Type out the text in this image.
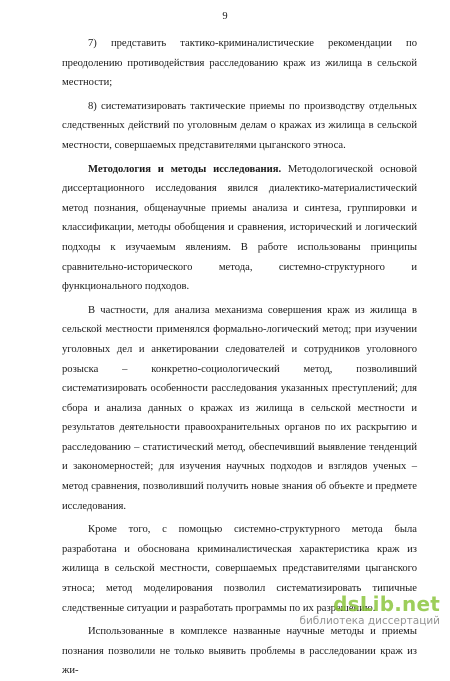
9

7) представить тактико-криминалистические рекомендации по преодолению противодействия расследованию краж из жилища в сельской местности;

8) систематизировать тактические приемы по производству отдельных следственных действий по уголовным делам о кражах из жилища в сельской местности, совершаемых представителями цыганского этноса.

Методология и методы исследования. Методологической основой диссертационного исследования явился диалектико-материалистический метод познания, общенаучные приемы анализа и синтеза, группировки и классификации, методы обобщения и сравнения, исторический и логический подходы к изучаемым явлениям. В работе использованы принципы сравнительно-исторического метода, системно-структурного и функционального подходов.

В частности, для анализа механизма совершения краж из жилища в сельской местности применялся формально-логический метод; при изучении уголовных дел и анкетировании следователей и сотрудников уголовного розыска – конкретно-социологический метод, позволивший систематизировать особенности расследования указанных преступлений; для сбора и анализа данных о кражах из жилища в сельской местности и результатов деятельности правоохранительных органов по их раскрытию и расследованию – статистический метод, обеспечивший выявление тенденций и закономерностей; для изучения научных подходов и взглядов ученых – метод сравнения, позволивший получить новые знания об объекте и предмете исследования.

Кроме того, с помощью системно-структурного метода была разработана и обоснована криминалистическая характеристика краж из жилища в сельской местности, совершаемых представителями цыганского этноса; метод моделирования позволил систематизировать типичные следственные ситуации и разработать программы по их разрешению.

Использованные в комплексе названные научные методы и приемы познания позволили не только выявить проблемы в расследовании краж из жи-

dsLib.net
библиотека диссертаций
